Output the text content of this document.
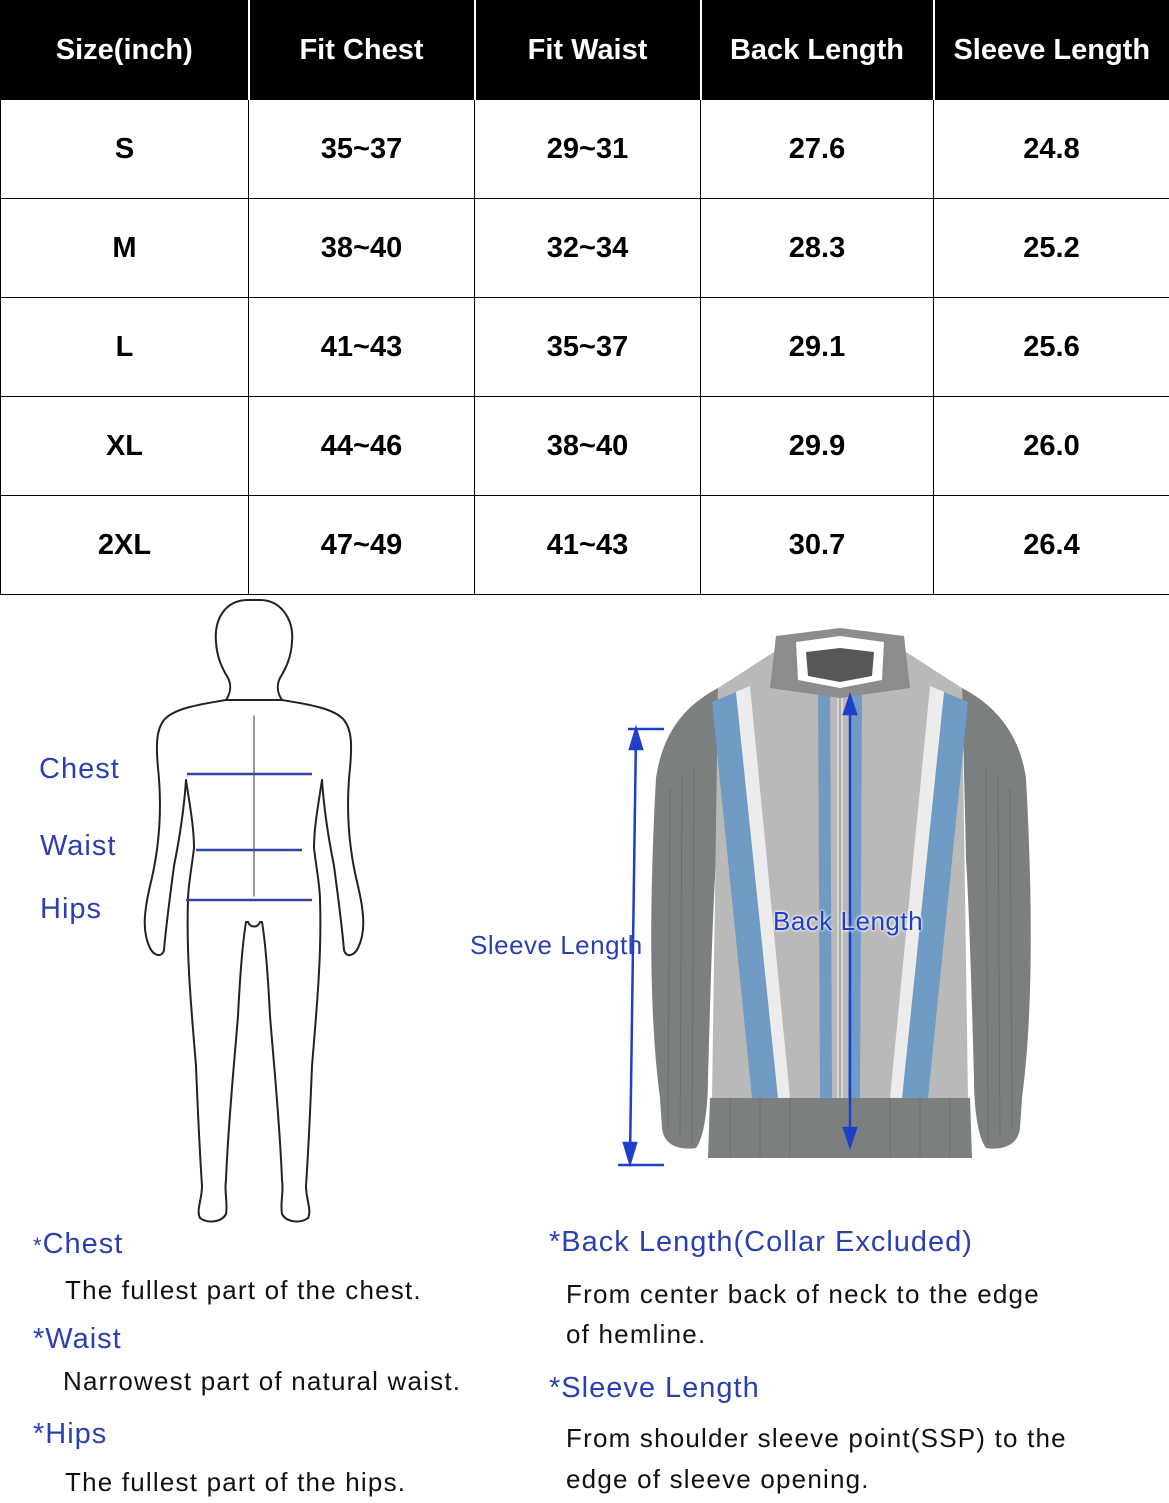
Size(inch)	Fit Chest	Fit Waist	Back Length	Sleeve Length
S	35~37	29~31	27.6	24.8
M	38~40	32~34	28.3	25.2
L	41~43	35~37	29.1	25.6
XL	44~46	38~40	29.9	26.0
2XL	47~49	41~43	30.7	26.4
Chest
Waist
Hips
Sleeve Length
Back Length
*Chest
The fullest part of the chest.
*Waist
Narrowest part of natural waist.
*Hips
The fullest part of the hips.
*Back Length(Collar Excluded)
From center back of neck to the edge
of hemline.
*Sleeve Length
From shoulder sleeve point(SSP) to the
edge of sleeve opening.
